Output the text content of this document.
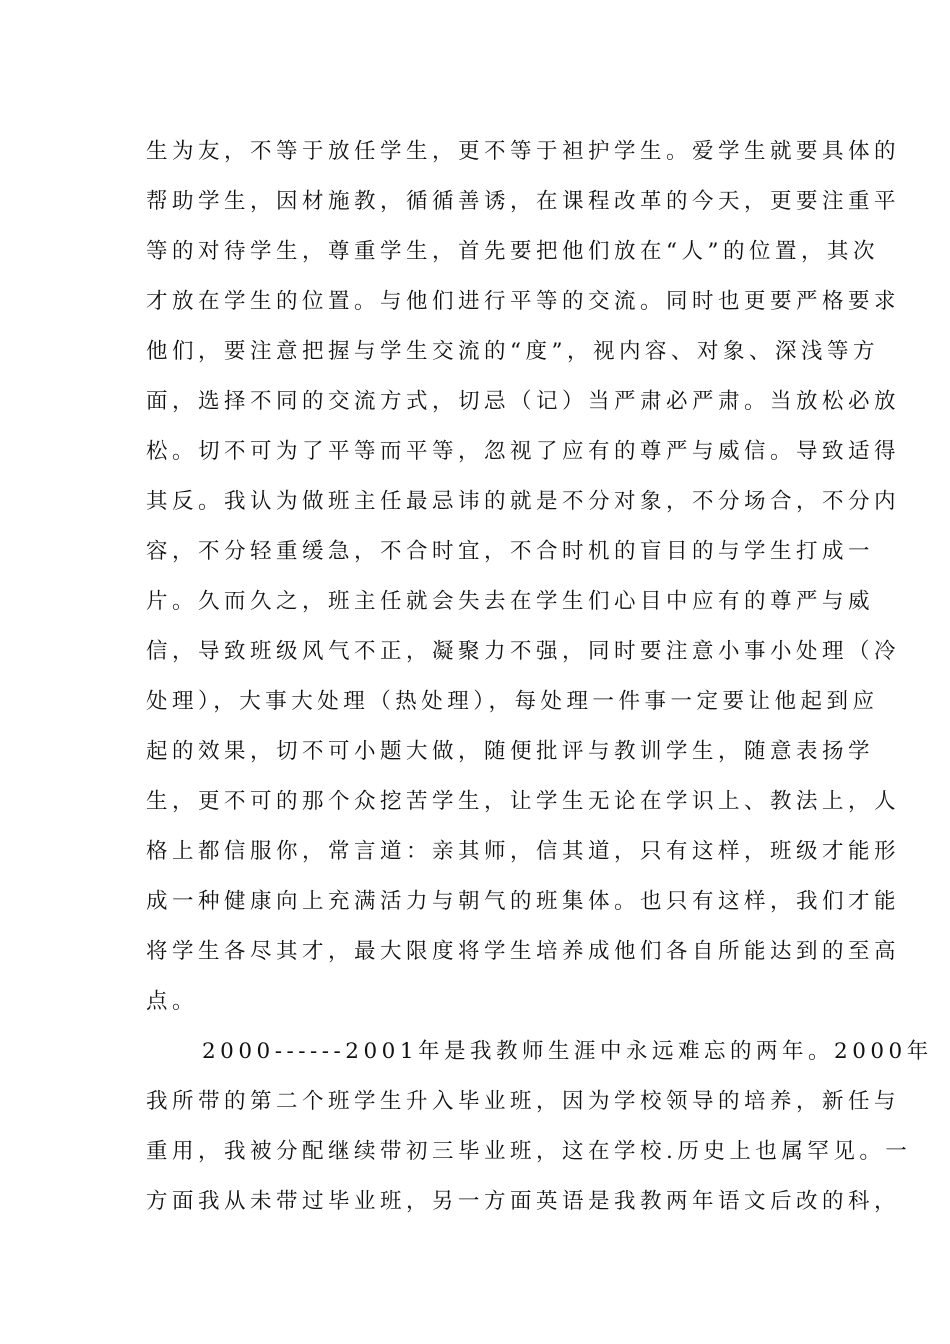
生为友，不等于放任学生，更不等于袒护学生。爱学生就要具体的
帮助学生，因材施教，循循善诱，在课程改革的今天，更要注重平
等的对待学生，尊重学生，首先要把他们放在“人”的位置，其次
才放在学生的位置。与他们进行平等的交流。同时也更要严格要求
他们，要注意把握与学生交流的“度”，视内容、对象、深浅等方
面，选择不同的交流方式，切忌（记）当严肃必严肃。当放松必放
松。切不可为了平等而平等，忽视了应有的尊严与威信。导致适得
其反。我认为做班主任最忌讳的就是不分对象，不分场合，不分内
容，不分轻重缓急，不合时宜，不合时机的盲目的与学生打成一
片。久而久之，班主任就会失去在学生们心目中应有的尊严与威
信，导致班级风气不正，凝聚力不强，同时要注意小事小处理（冷
处理），大事大处理（热处理），每处理一件事一定要让他起到应
起的效果，切不可小题大做，随便批评与教训学生，随意表扬学
生，更不可的那个众挖苦学生，让学生无论在学识上、教法上，人
格上都信服你，常言道：亲其师，信其道，只有这样，班级才能形
成一种健康向上充满活力与朝气的班集体。也只有这样，我们才能
将学生各尽其才，最大限度将学生培养成他们各自所能达到的至高
点。
2000------2001年是我教师生涯中永远难忘的两年。2000年
我所带的第二个班学生升入毕业班，因为学校领导的培养，新任与
重用，我被分配继续带初三毕业班，这在学校.历史上也属罕见。一
方面我从未带过毕业班，另一方面英语是我教两年语文后改的科，
